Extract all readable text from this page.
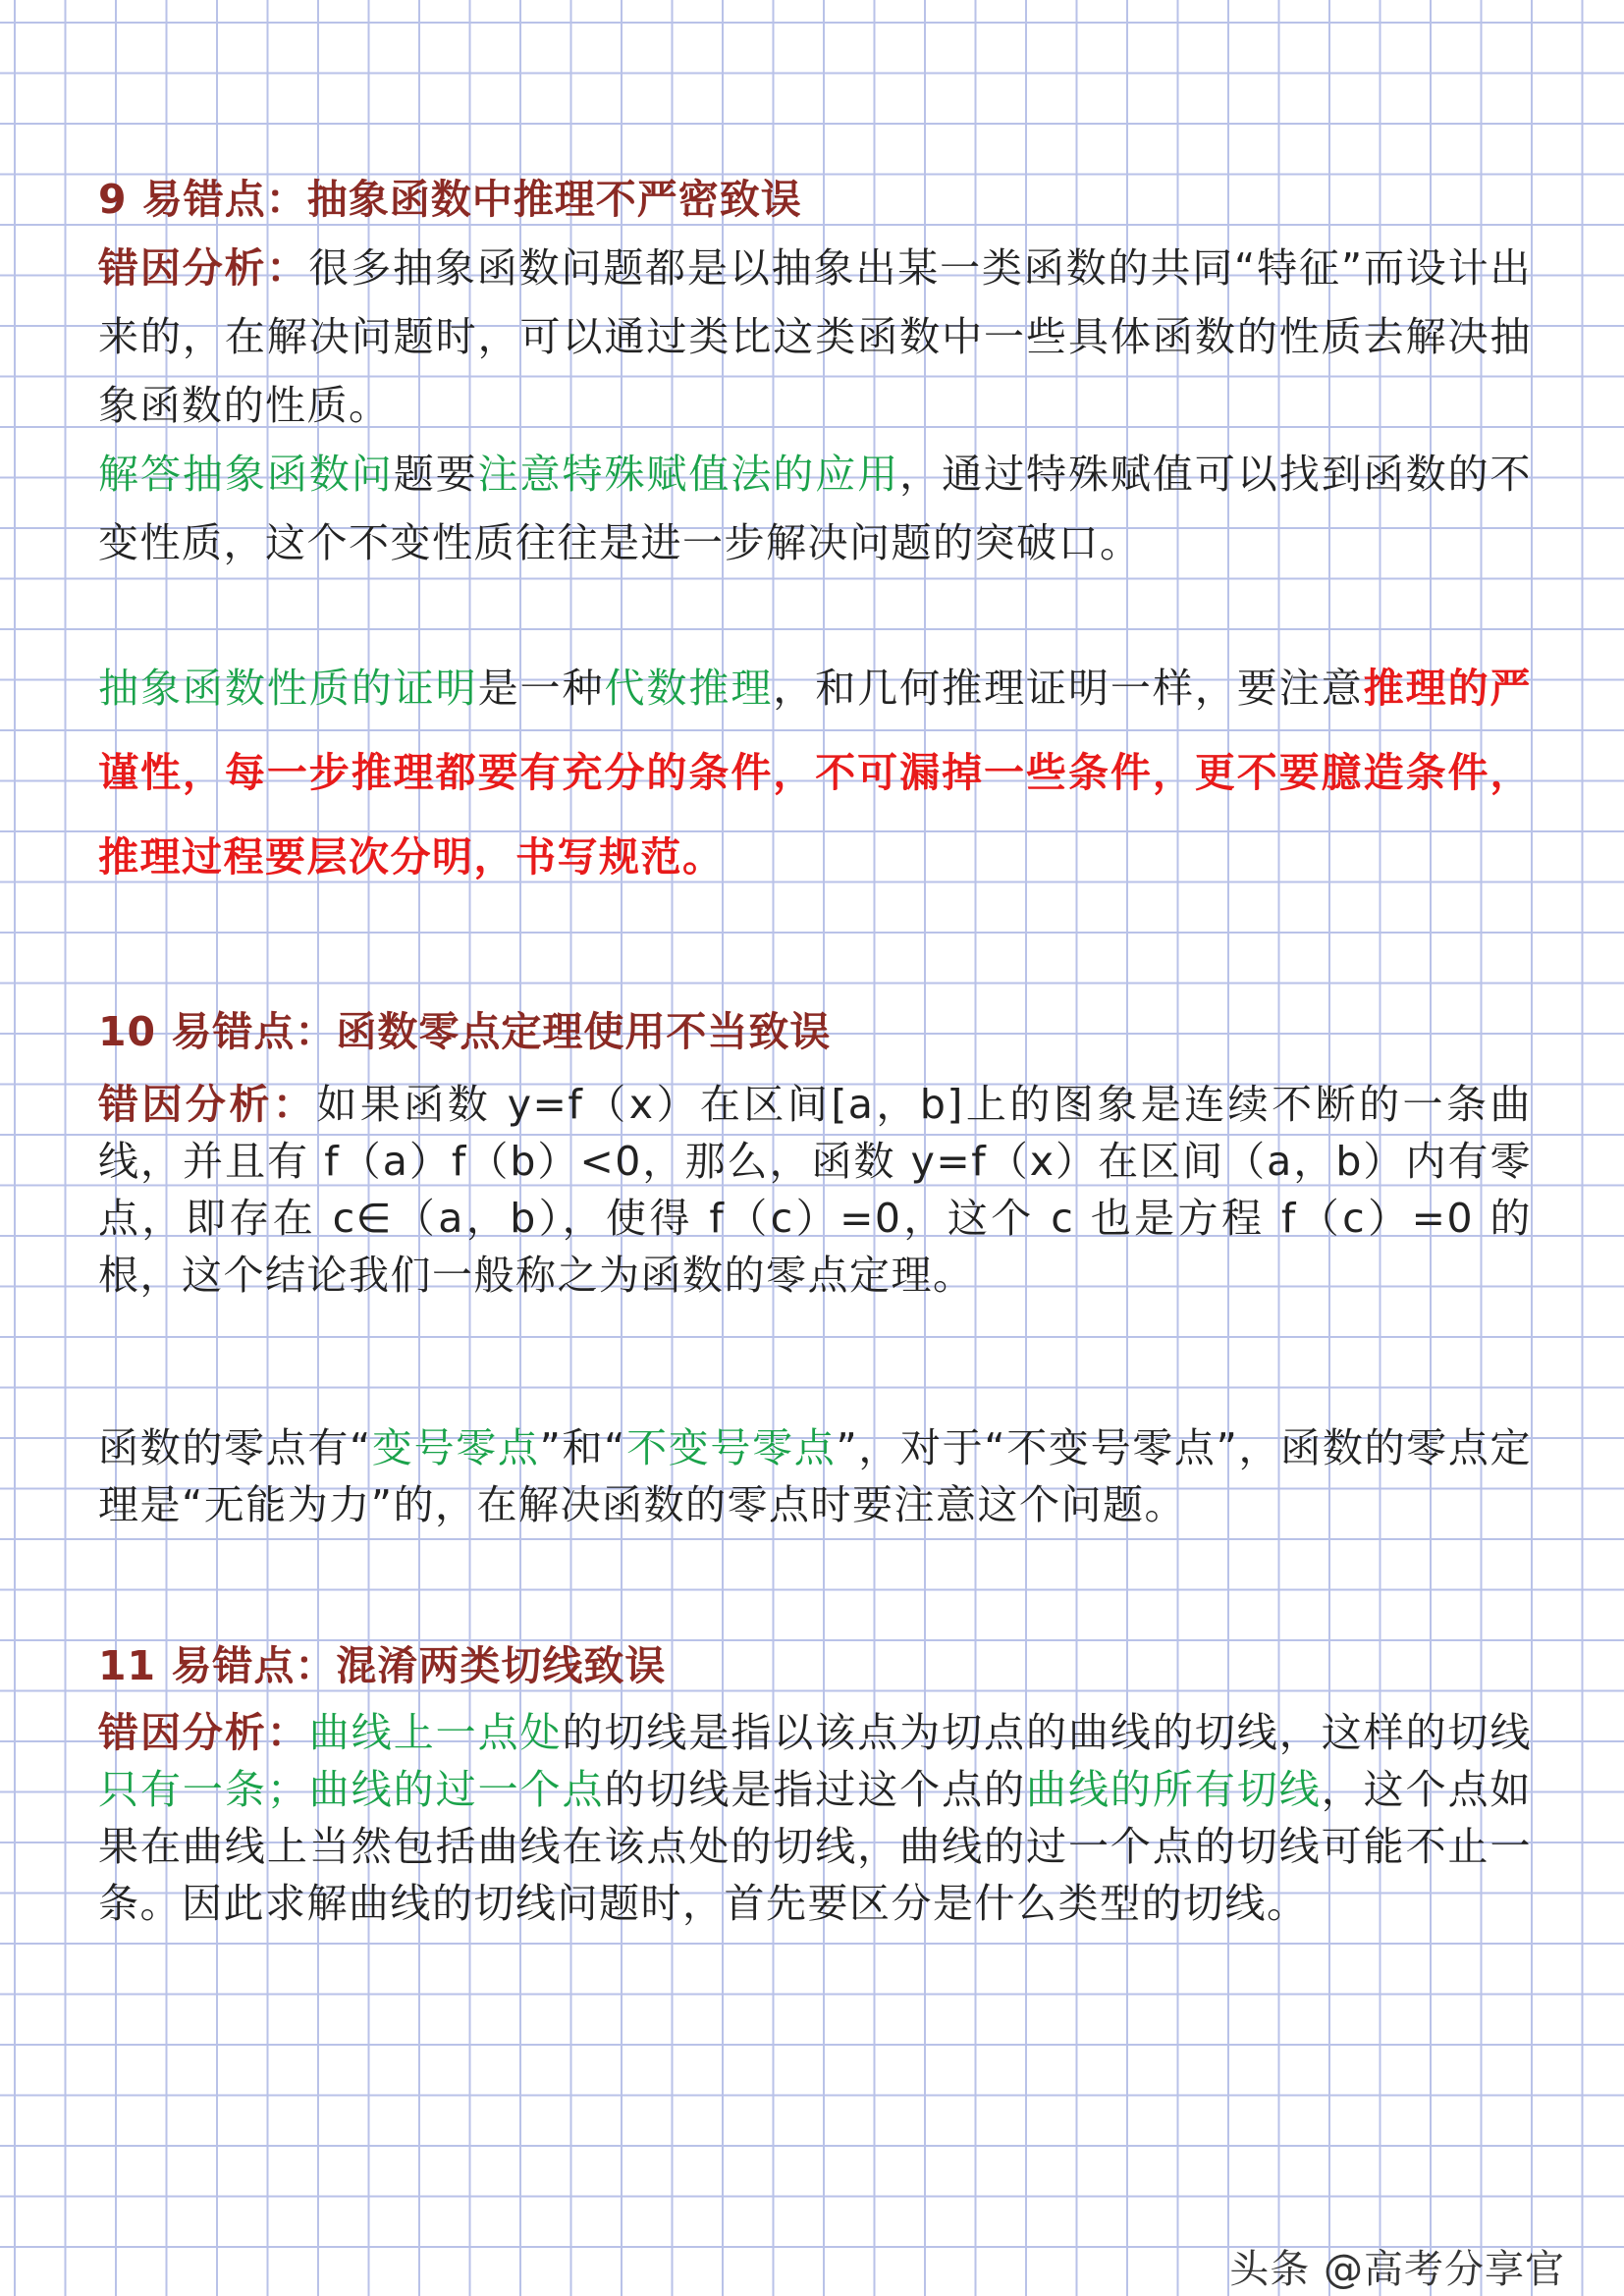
9 易错点：抽象函数中推理不严密致误

错因分析：很多抽象函数问题都是以抽象出某一类函数的共同“特征”而设计出来的，在解决问题时，可以通过类比这类函数中一些具体函数的性质去解决抽象函数的性质。

解答抽象函数问题要注意特殊赋值法的应用，通过特殊赋值可以找到函数的不变性质，这个不变性质往往是进一步解决问题的突破口。

抽象函数性质的证明是一种代数推理，和几何推理证明一样，要注意推理的严谨性，每一步推理都要有充分的条件，不可漏掉一些条件，更不要臆造条件，推理过程要层次分明，书写规范。

10 易错点：函数零点定理使用不当致误

错因分析：如果函数 y=f（x）在区间[a，b]上的图象是连续不断的一条曲线，并且有 f（a）f（b）<0，那么，函数 y=f（x）在区间（a，b）内有零点，即存在 c∈（a，b），使得 f（c）=0，这个 c 也是方程 f（c）=0 的根，这个结论我们一般称之为函数的零点定理。

函数的零点有“变号零点”和“不变号零点”，对于“不变号零点”，函数的零点定理是“无能为力”的，在解决函数的零点时要注意这个问题。

11 易错点：混淆两类切线致误

错因分析：曲线上一点处的切线是指以该点为切点的曲线的切线，这样的切线只有一条；曲线的过一个点的切线是指过这个点的曲线的所有切线，这个点如果在曲线上当然包括曲线在该点处的切线，曲线的过一个点的切线可能不止一条。因此求解曲线的切线问题时，首先要区分是什么类型的切线。

头条 @高考分享官
